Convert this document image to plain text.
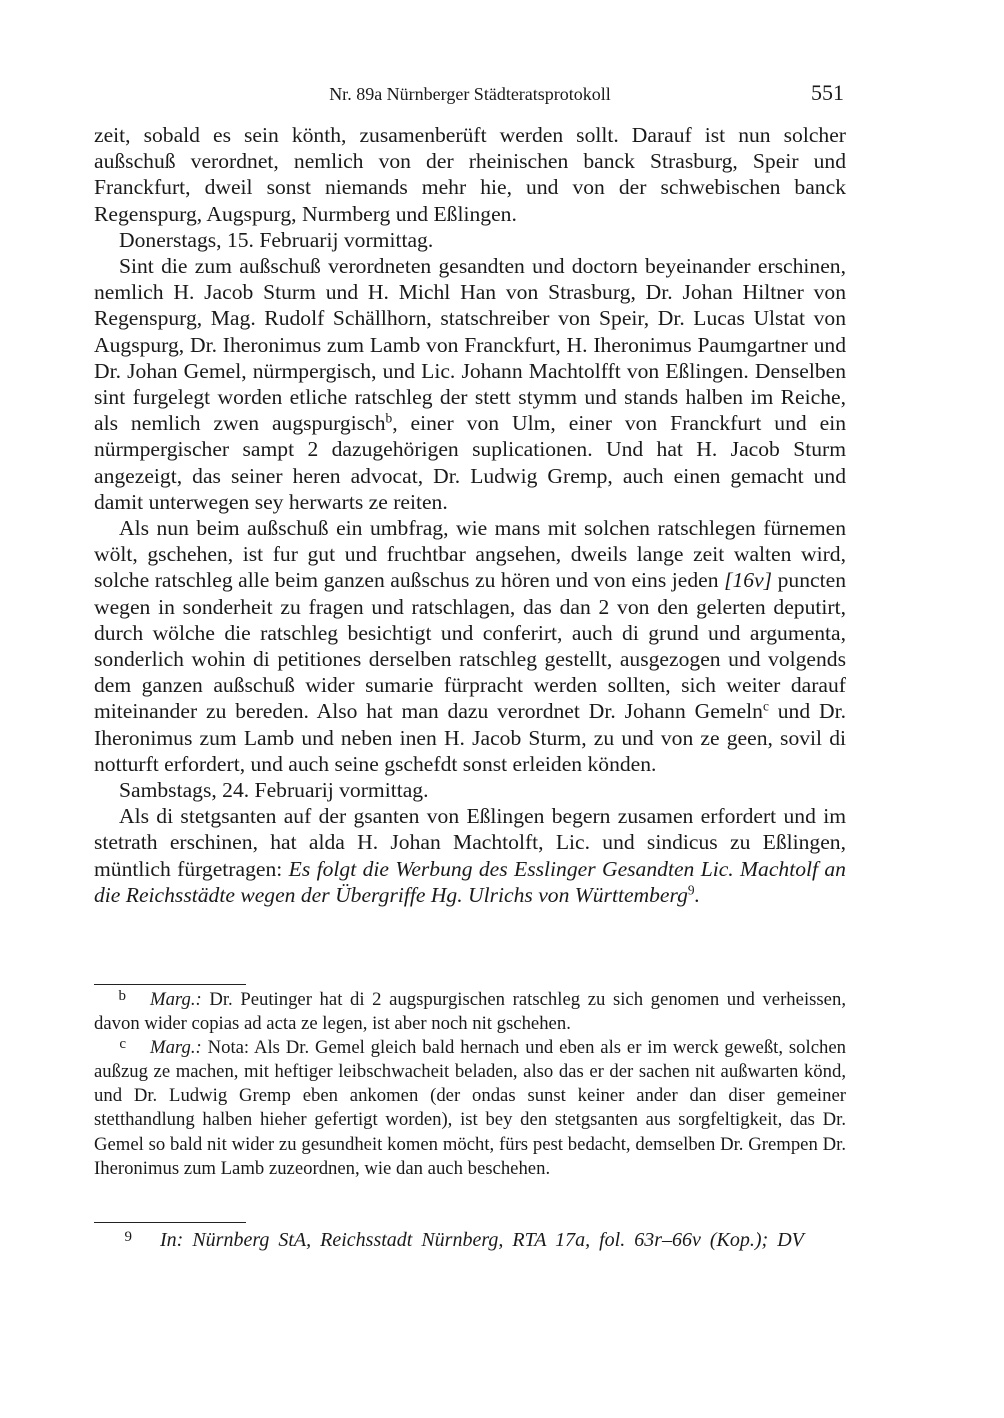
Nr. 89a Nürnberger Städteratsprotokoll	551

zeit, sobald es sein kӧnth, zusamenberüft werden sollt. Darauf ist nun solcher außschuß verordnet, nemlich von der rheinischen banck Strasburg, Speir und Franckfurt, dweil sonst niemands mehr hie, und von der schwebischen banck Regenspurg, Augspurg, Nurmberg und Eßlingen.

Donerstags, 15. Februarij vormittag.

Sint die zum außschuß verordneten gesandten und doctorn beyeinander erschinen, nemlich H. Jacob Sturm und H. Michl Han von Strasburg, Dr. Johan Hiltner von Regenspurg, Mag. Rudolf Schällhorn, statschreiber von Speir, Dr. Lucas Ulstat von Augspurg, Dr. Iheronimus zum Lamb von Franckfurt, H. Iheronimus Paumgartner und Dr. Johan Gemel, nürmpergisch, und Lic. Johann Machtolfft von Eßlingen. Denselben sint furgelegt worden etliche ratschleg der stett stymm und stands halben im Reiche, als nemlich zwen augspurgisch$^b$, einer von Ulm, einer von Franckfurt und ein nürmpergischer sampt 2 dazugehӧrigen suplicationen. Und hat H. Jacob Sturm angezeigt, das seiner heren advocat, Dr. Ludwig Gremp, auch einen gemacht und damit unterwegen sey herwarts ze reiten.

Als nun beim außschuß ein umbfrag, wie mans mit solchen ratschlegen fürnemen wӧlt, gschehen, ist fur gut und fruchtbar angsehen, dweils lange zeit walten wird, solche ratschleg alle beim ganzen außschus zu hӧren und von eins jeden [16v] puncten wegen in sonderheit zu fragen und ratschlagen, das dan 2 von den gelerten deputirt, durch wӧlche die ratschleg besichtigt und conferirt, auch di grund und argumenta, sonderlich wohin di petitiones derselben ratschleg gestellt, ausgezogen und volgends dem ganzen außschuß wider sumarie fürpracht werden sollten, sich weiter darauf miteinander zu bereden. Also hat man dazu verordnet Dr. Johann Gemeln$^c$ und Dr. Iheronimus zum Lamb und neben inen H. Jacob Sturm, zu und von ze geen, sovil di notturft erfordert, und auch seine gschefdt sonst erleiden kӧnden.

Sambstags, 24. Februarij vormittag.

Als di stetgsanten auf der gsanten von Eßlingen begern zusamen erfordert und im stetrath erschinen, hat alda H. Johan Machtolft, Lic. und sindicus zu Eßlingen, müntlich fürgetragen: Es folgt die Werbung des Esslinger Gesandten Lic. Machtolf an die Reichsstädte wegen der Übergriffe Hg. Ulrichs von Württemberg$^9$.

b Marg.: Dr. Peutinger hat di 2 augspurgischen ratschleg zu sich genomen und verheissen, davon wider copias ad acta ze legen, ist aber noch nit gschehen.

c Marg.: Nota: Als Dr. Gemel gleich bald hernach und eben als er im werck geweßt, solchen außzug ze machen, mit heftiger leibschwacheit beladen, also das er der sachen nit außwarten kӧnd, und Dr. Ludwig Gremp eben ankomen (der ondas sunst keiner ander dan diser gemeiner stetthandlung halben hieher gefertigt worden), ist bey den stetgsanten aus sorgfeltigkeit, das Dr. Gemel so bald nit wider zu gesundheit komen mӧcht, fürs pest bedacht, demselben Dr. Grempen Dr. Iheronimus zum Lamb zuzeordnen, wie dan auch beschehen.

9 In: Nürnberg StA, Reichsstadt Nürnberg, RTA 17a, fol. 63r–66v (Kop.); DV
